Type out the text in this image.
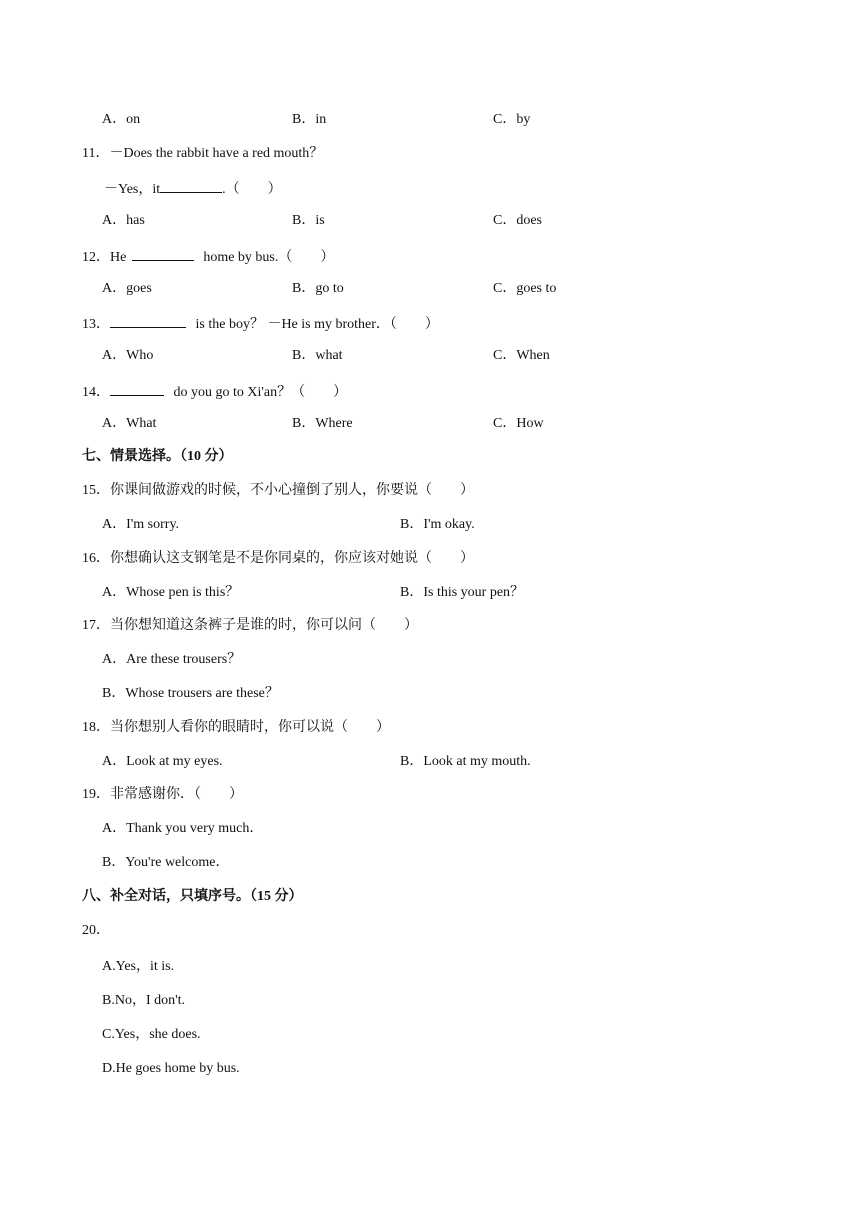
A．on	B．in	C．by
11．－Does the rabbit have a red mouth？
－Yes，it	.（　　）
A．has	B．is	C．does
12．He	home by bus.（　　）
A．goes	B．go to	C．goes to
13．	is the boy？ －He is my brother．（　　）
A．Who	B．what	C．When
14．	do you go to Xi'an？（　　）
A．What	B．Where	C．How
七、情景选择。（10 分）
15．你课间做游戏的时候，不小心撞倒了别人，你要说（　　）
A．I'm sorry.	B．I'm okay.
16．你想确认这支钢笔是不是你同桌的，你应该对她说（　　）
A．Whose pen is this？	B．Is this your pen？
17．当你想知道这条裤子是谁的时，你可以问（　　）
A．Are these trousers？
B．Whose trousers are these？
18．当你想别人看你的眼睛时，你可以说（　　）
A．Look at my eyes.	B．Look at my mouth.
19．非常感谢你．（　　）
A．Thank you very much．
B．You're welcome．
八、补全对话，只填序号。（15 分）
20．
A.Yes，it is.
B.No，I don't.
C.Yes，she does.
D.He goes home by bus.
